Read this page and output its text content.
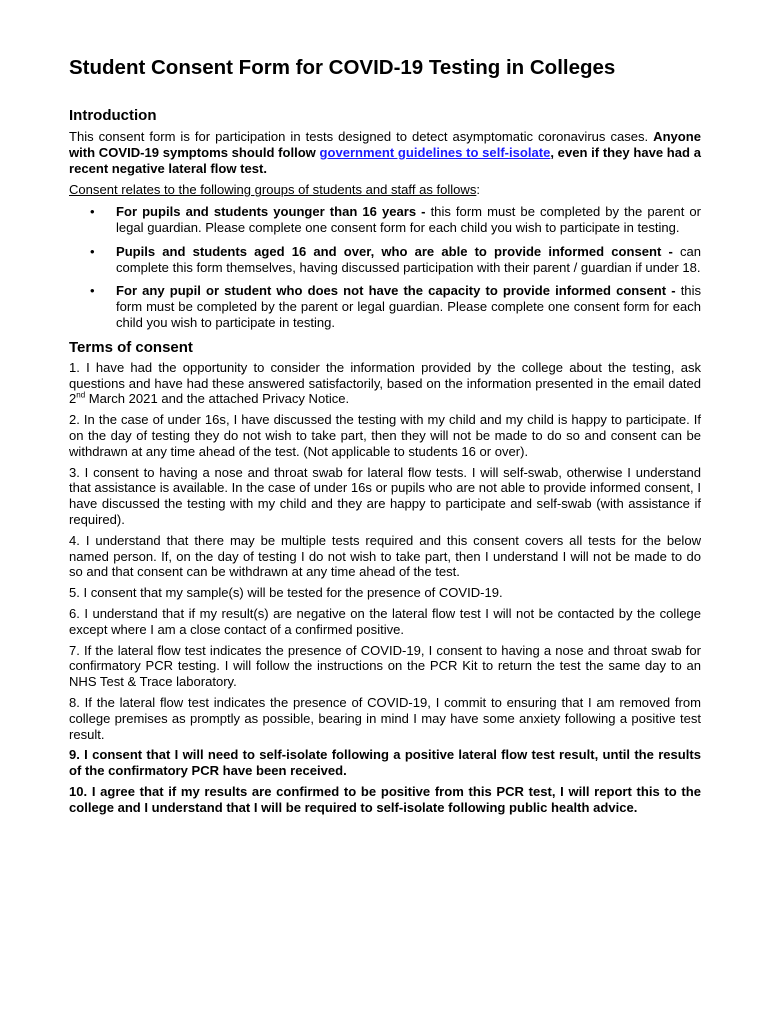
Student Consent Form for COVID-19 Testing in Colleges
Introduction

This consent form is for participation in tests designed to detect asymptomatic coronavirus cases. Anyone with COVID-19 symptoms should follow government guidelines to self-isolate, even if they have had a recent negative lateral flow test.

Consent relates to the following groups of students and staff as follows:

• For pupils and students younger than 16 years - this form must be completed by the parent or legal guardian. Please complete one consent form for each child you wish to participate in testing.
• Pupils and students aged 16 and over, who are able to provide informed consent - can complete this form themselves, having discussed participation with their parent / guardian if under 18.
• For any pupil or student who does not have the capacity to provide informed consent - this form must be completed by the parent or legal guardian. Please complete one consent form for each child you wish to participate in testing.
Terms of consent

1. I have had the opportunity to consider the information provided by the college about the testing, ask questions and have had these answered satisfactorily, based on the information presented in the email dated 2nd March 2021 and the attached Privacy Notice.

2. In the case of under 16s, I have discussed the testing with my child and my child is happy to participate. If on the day of testing they do not wish to take part, then they will not be made to do so and consent can be withdrawn at any time ahead of the test. (Not applicable to students 16 or over).

3. I consent to having a nose and throat swab for lateral flow tests. I will self-swab, otherwise I understand that assistance is available. In the case of under 16s or pupils who are not able to provide informed consent, I have discussed the testing with my child and they are happy to participate and self-swab (with assistance if required).

4. I understand that there may be multiple tests required and this consent covers all tests for the below named person. If, on the day of testing I do not wish to take part, then I understand I will not be made to do so and that consent can be withdrawn at any time ahead of the test.

5. I consent that my sample(s) will be tested for the presence of COVID-19.

6. I understand that if my result(s) are negative on the lateral flow test I will not be contacted by the college except where I am a close contact of a confirmed positive.

7. If the lateral flow test indicates the presence of COVID-19, I consent to having a nose and throat swab for confirmatory PCR testing. I will follow the instructions on the PCR Kit to return the test the same day to an NHS Test & Trace laboratory.

8. If the lateral flow test indicates the presence of COVID-19, I commit to ensuring that I am removed from college premises as promptly as possible, bearing in mind I may have some anxiety following a positive test result.

9. I consent that I will need to self-isolate following a positive lateral flow test result, until the results of the confirmatory PCR have been received.

10. I agree that if my results are confirmed to be positive from this PCR test, I will report this to the college and I understand that I will be required to self-isolate following public health advice.
